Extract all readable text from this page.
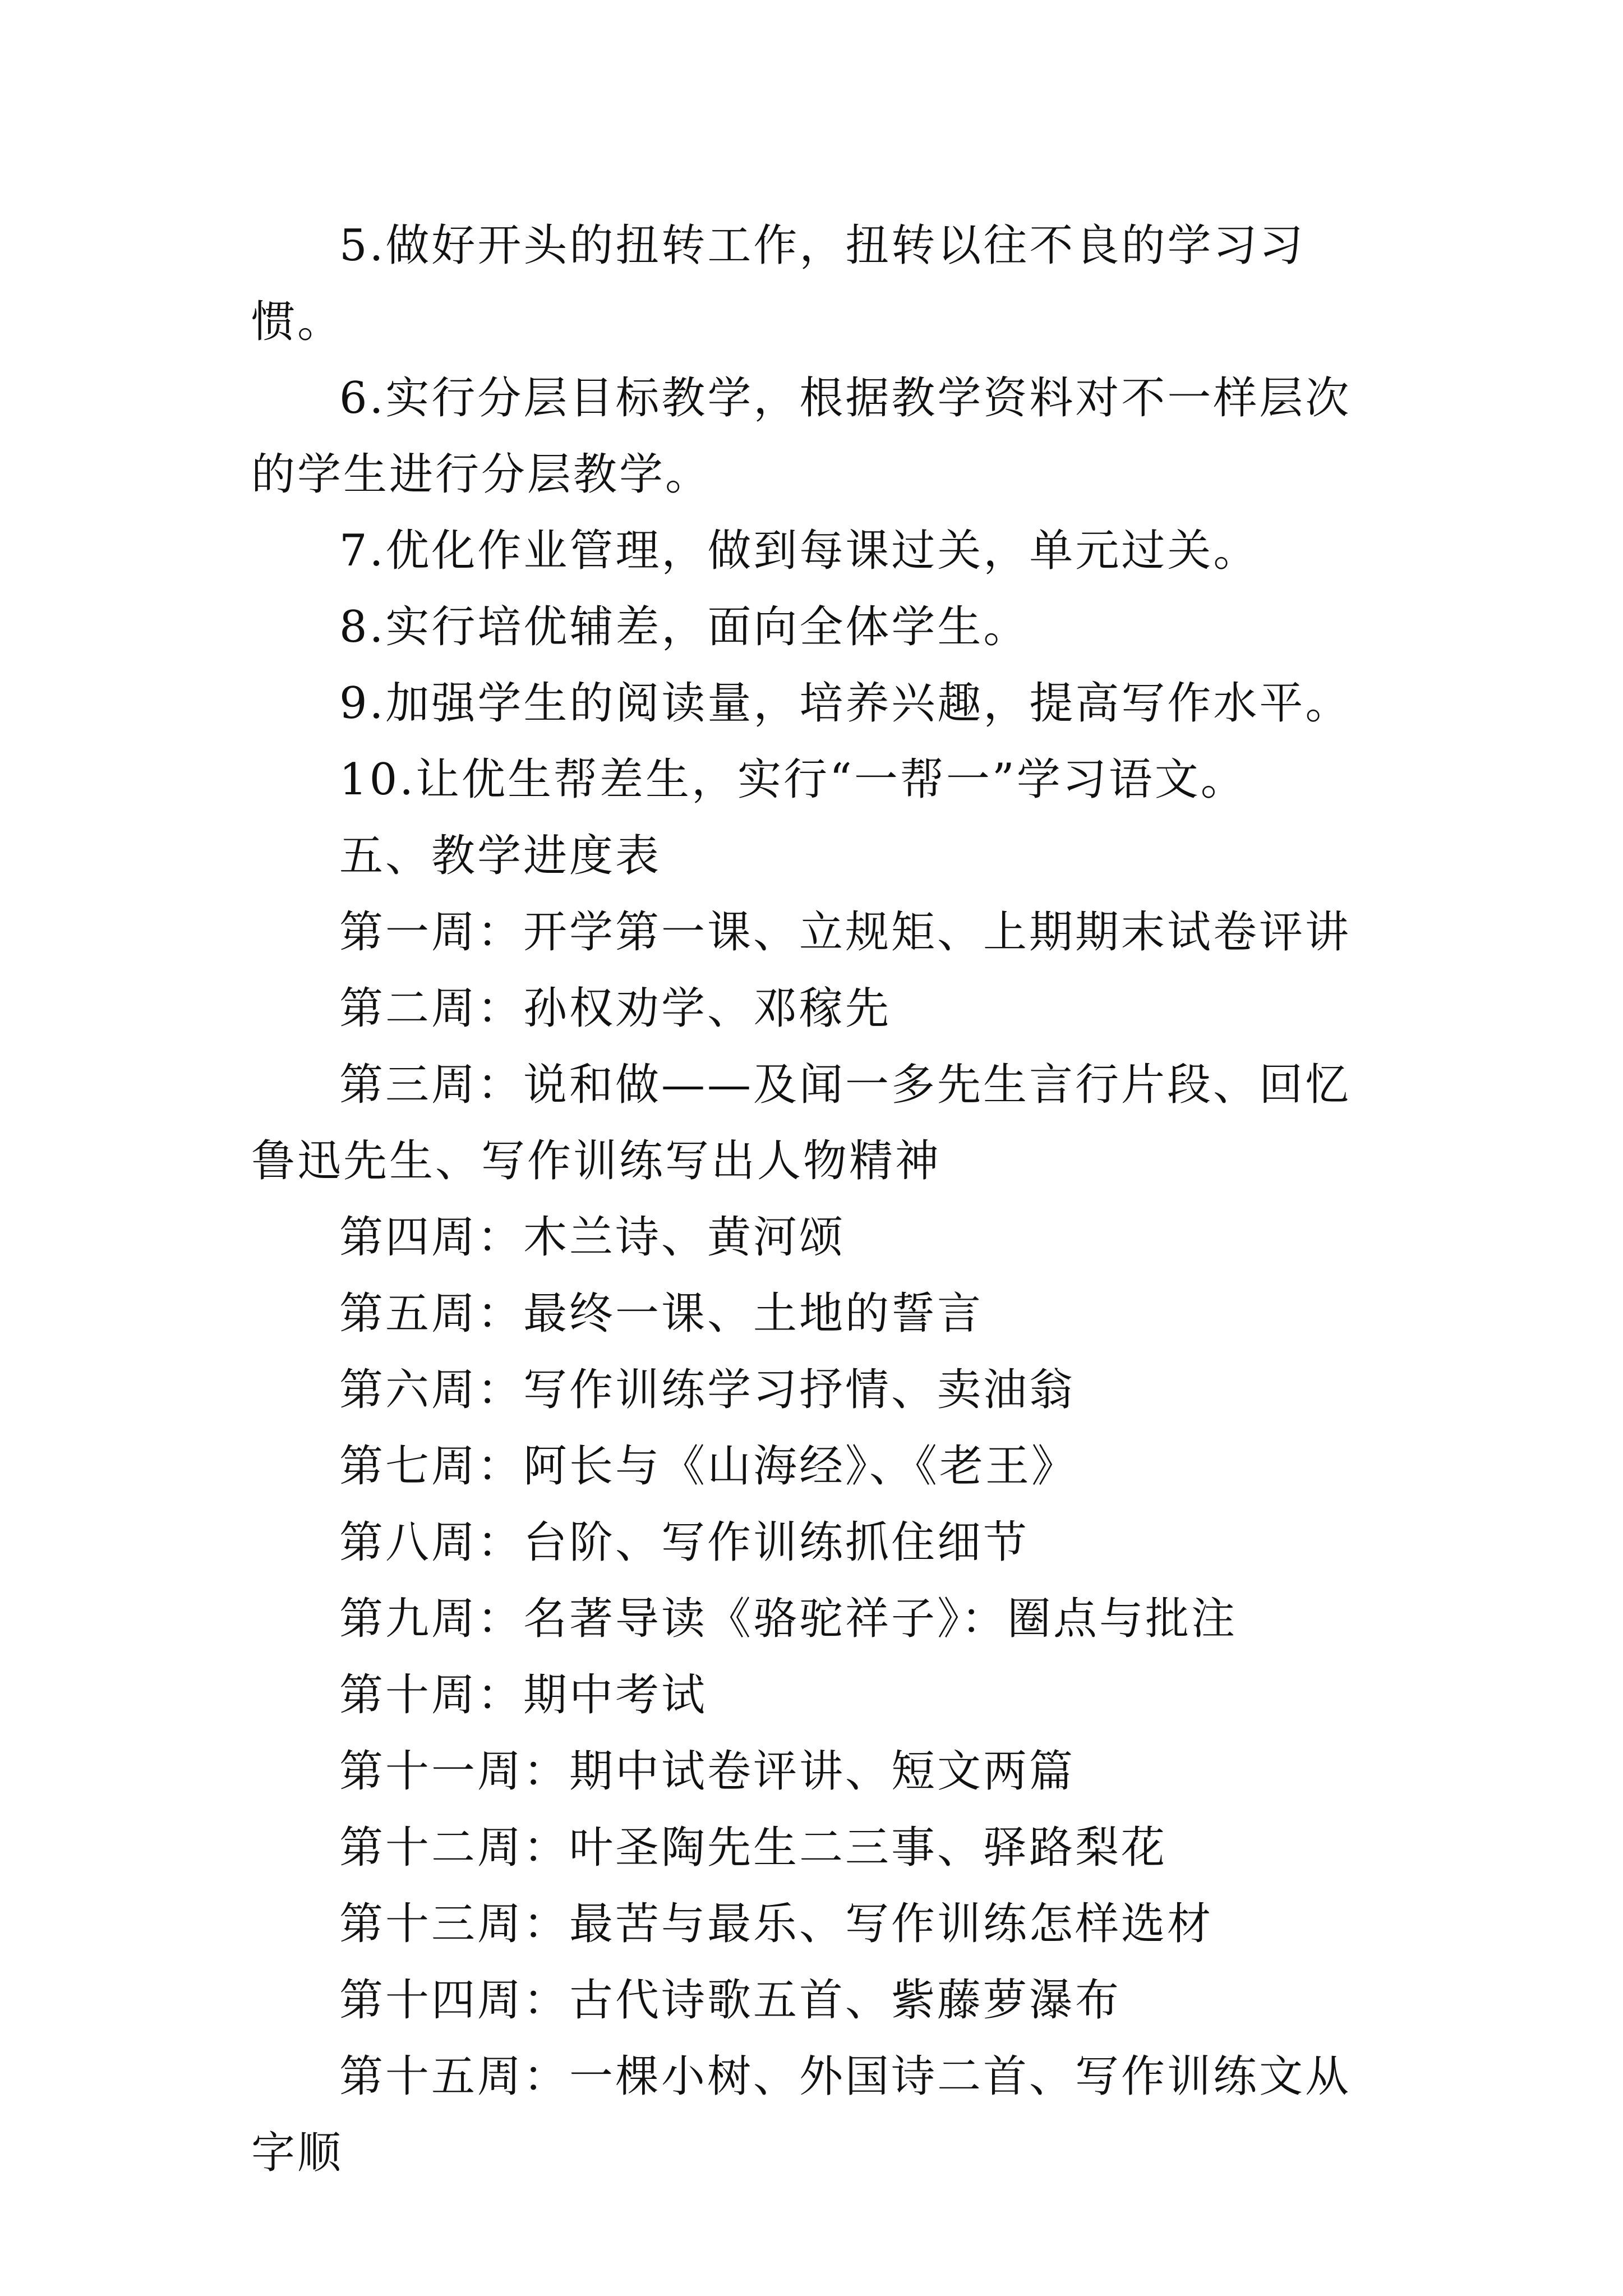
5.做好开头的扭转工作，扭转以往不良的学习习惯。

6.实行分层目标教学，根据教学资料对不一样层次的学生进行分层教学。

7.优化作业管理，做到每课过关，单元过关。

8.实行培优辅差，面向全体学生。

9.加强学生的阅读量，培养兴趣，提高写作水平。

10.让优生帮差生，实行“一帮一”学习语文。

五、教学进度表

第一周：开学第一课、立规矩、上期期末试卷评讲

第二周：孙权劝学、邓稼先

第三周：说和做——及闻一多先生言行片段、回忆鲁迅先生、写作训练写出人物精神

第四周：木兰诗、黄河颂

第五周：最终一课、土地的誓言

第六周：写作训练学习抒情、卖油翁

第七周：阿长与《山海经》、《老王》

第八周：台阶、写作训练抓住细节

第九周：名著导读《骆驼祥子》：圈点与批注

第十周：期中考试

第十一周：期中试卷评讲、短文两篇

第十二周：叶圣陶先生二三事、驿路梨花

第十三周：最苦与最乐、写作训练怎样选材

第十四周：古代诗歌五首、紫藤萝瀑布

第十五周：一棵小树、外国诗二首、写作训练文从字顺
